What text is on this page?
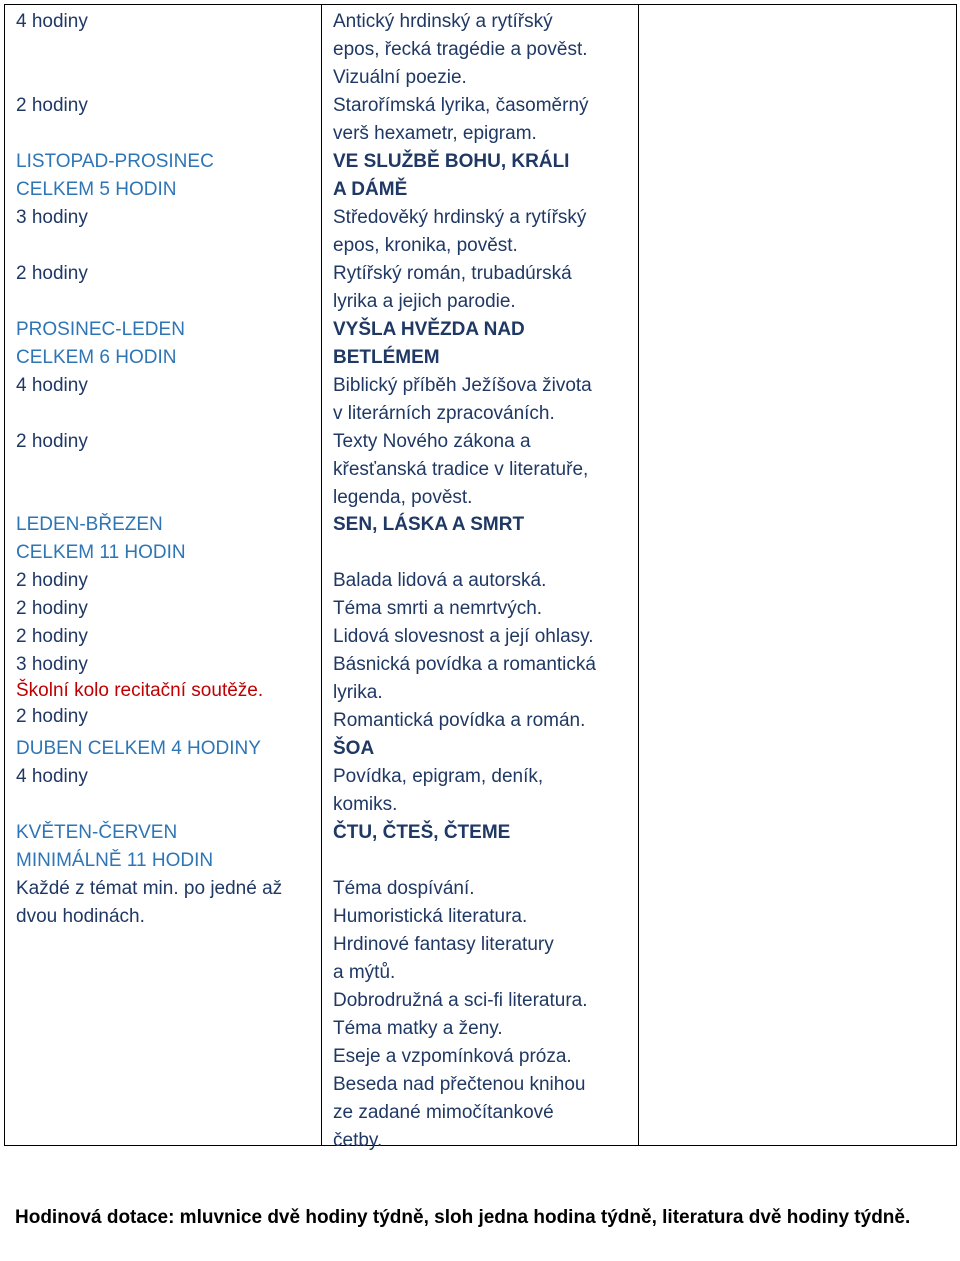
4 hodiny
2 hodiny
LISTOPAD-PROSINEC
CELKEM 5 HODIN
3 hodiny
2 hodiny
PROSINEC-LEDEN
CELKEM 6 HODIN
4 hodiny
2 hodiny
LEDEN-BŘEZEN
CELKEM 11 HODIN
2 hodiny
2 hodiny
2 hodiny
3 hodiny
Školní kolo recitační soutěže.
2 hodiny
DUBEN CELKEM 4 HODINY
4 hodiny
KVĚTEN-ČERVEN
MINIMÁLNĚ 11 HODIN
Každé z témat min. po jedné až
dvou hodinách.
Antický hrdinský a rytířský
epos, řecká tragédie a pověst.
Vizuální poezie.
Starořímská lyrika, časoměrný
verš hexametr, epigram.
VE SLUŽBĚ BOHU, KRÁLI
A DÁMĚ
Středověký hrdinský a rytířský
epos, kronika, pověst.
Rytířský román, trubadúrská
lyrika a jejich parodie.
VYŠLA HVĚZDA NAD
BETLÉMEM
Biblický příběh Ježíšova života
v literárních zpracováních.
Texty Nového zákona a
křesťanská tradice v literatuře,
legenda, pověst.
SEN, LÁSKA A SMRT
Balada lidová a autorská.
Téma smrti a nemrtvých.
Lidová slovesnost a její ohlasy.
Básnická povídka a romantická
lyrika.
Romantická povídka a román.
ŠOA
Povídka, epigram, deník,
komiks.
ČTU, ČTEŠ, ČTEME
Téma dospívání.
Humoristická literatura.
Hrdinové fantasy literatury
a mýtů.
Dobrodružná a sci-fi literatura.
Téma matky a ženy.
Eseje a vzpomínková próza.
Beseda nad přečtenou knihou
ze zadané mimočítankové
četby.
Hodinová dotace: mluvnice dvě hodiny týdně, sloh jedna hodina týdně, literatura dvě hodiny týdně.
